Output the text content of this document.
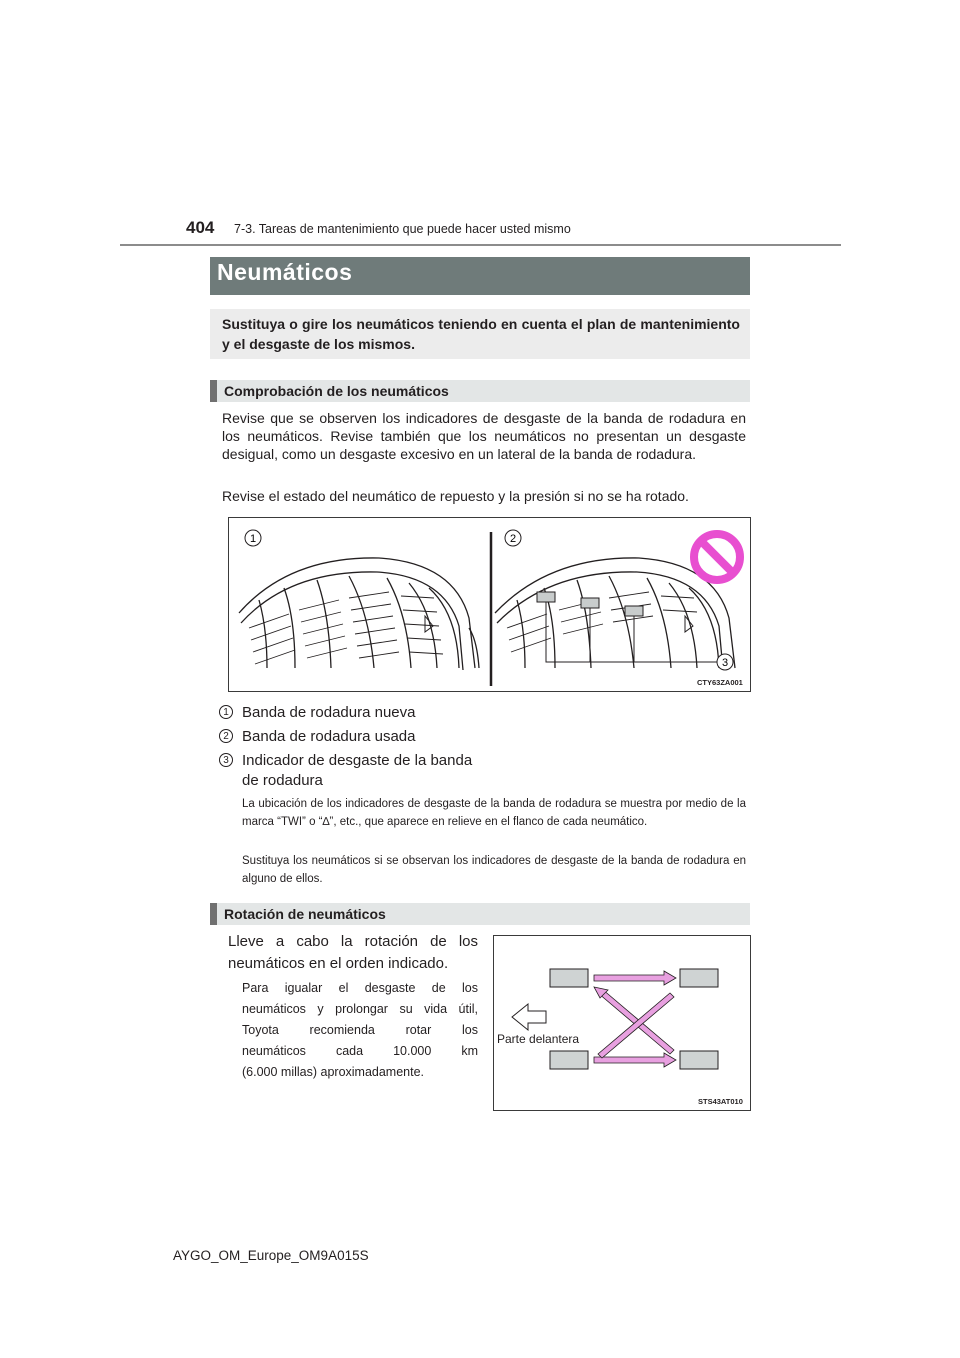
404 7-3. Tareas de mantenimiento que puede hacer usted mismo
Neumáticos
Sustituya o gire los neumáticos teniendo en cuenta el plan de mantenimiento y el desgaste de los mismos.
Comprobación de los neumáticos
Revise que se observen los indicadores de desgaste de la banda de rodadura en los neumáticos. Revise también que los neumáticos no presentan un desgaste desigual, como un desgaste excesivo en un lateral de la banda de rodadura.
Revise el estado del neumático de repuesto y la presión si no se ha rotado.
1	2
3
CTY63ZA001
1 Banda de rodadura nueva
2 Banda de rodadura usada
3 Indicador de desgaste de la banda
de rodadura
La ubicación de los indicadores de desgaste de la banda de rodadura se muestra por medio de la marca “TWI” o “∆”, etc., que aparece en relieve en el flanco de cada neumático.
Sustituya los neumáticos si se observan los indicadores de desgaste de la banda de rodadura en alguno de ellos.
Rotación de neumáticos
Lleve a cabo la rotación de los
neumáticos en el orden indicado.
Para igualar el desgaste de los
neumáticos y prolongar su vida útil,
Toyota recomienda rotar los
neumáticos cada 10.000 km
(6.000 millas) aproximadamente.
Parte delantera
STS43AT010
AYGO_OM_Europe_OM9A015S
